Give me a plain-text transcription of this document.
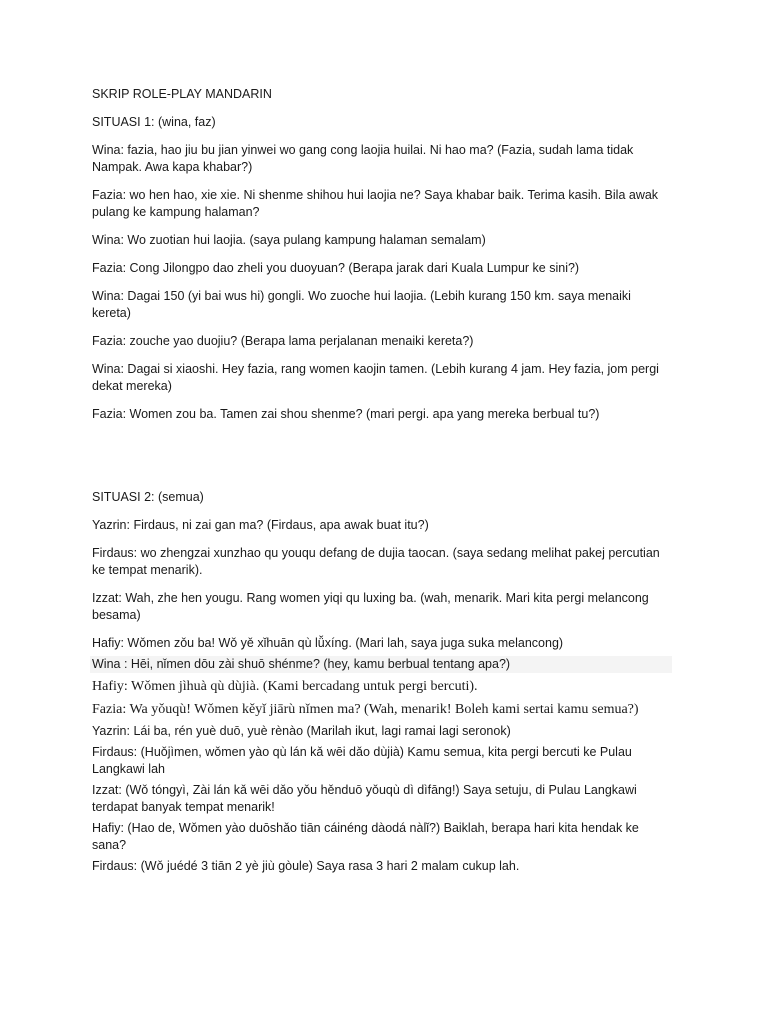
SKRIP ROLE-PLAY MANDARIN

SITUASI 1: (wina, faz)

Wina: fazia, hao jiu bu jian yinwei wo gang cong laojia huilai. Ni hao ma? (Fazia, sudah lama tidak Nampak. Awa kapa khabar?)

Fazia: wo hen hao, xie xie. Ni shenme shihou hui laojia ne? Saya khabar baik. Terima kasih. Bila awak pulang ke kampung halaman?

Wina: Wo zuotian hui laojia. (saya pulang kampung halaman semalam)

Fazia: Cong Jilongpo dao zheli you duoyuan? (Berapa jarak dari Kuala Lumpur ke sini?)

Wina: Dagai 150 (yi bai wus hi) gongli. Wo zuoche hui laojia. (Lebih kurang 150 km. saya menaiki kereta)

Fazia: zouche yao duojiu? (Berapa lama perjalanan menaiki kereta?)

Wina: Dagai si xiaoshi. Hey fazia, rang women kaojin tamen. (Lebih kurang 4 jam. Hey fazia, jom pergi dekat mereka)

Fazia: Women zou ba. Tamen zai shou shenme? (mari pergi. apa yang mereka berbual tu?)

SITUASI 2: (semua)

Yazrin: Firdaus, ni zai gan ma? (Firdaus, apa awak buat itu?)

Firdaus: wo zhengzai xunzhao qu youqu defang de dujia taocan. (saya sedang melihat pakej percutian ke tempat menarik).

Izzat: Wah, zhe hen yougu. Rang women yiqi qu luxing ba. (wah, menarik. Mari kita pergi melancong besama)

Hafiy: Wǒmen zǒu ba! Wǒ yě xǐhuān qù lǚxíng. (Mari lah, saya juga suka melancong)

Wina : Hēi, nǐmen dōu zài shuō shénme? (hey, kamu berbual tentang apa?)

Hafiy: Wǒmen jìhuà qù dùjià. (Kami bercadang untuk pergi bercuti).

Fazia: Wa yǒuqù! Wǒmen kěyǐ jiārù nǐmen ma? (Wah, menarik! Boleh kami sertai kamu semua?)

Yazrin: Lái ba, rén yuè duō, yuè rènào (Marilah ikut, lagi ramai lagi seronok)

Firdaus: (Huǒjìmen, wǒmen yào qù lán kǎ wēi dǎo dùjià) Kamu semua, kita pergi bercuti ke Pulau Langkawi lah

Izzat: (Wǒ tóngyì, Zài lán kǎ wēi dǎo yǒu hěnduō yǒuqù dì dìfāng!) Saya setuju, di Pulau Langkawi terdapat banyak tempat menarik!

Hafiy: (Hao de, Wǒmen yào duōshǎo tiān cáinéng dàodá nàlǐ?) Baiklah, berapa hari kita hendak ke sana?

Firdaus: (Wǒ juédé 3 tiān 2 yè jiù gòule) Saya rasa 3 hari 2 malam cukup lah.
